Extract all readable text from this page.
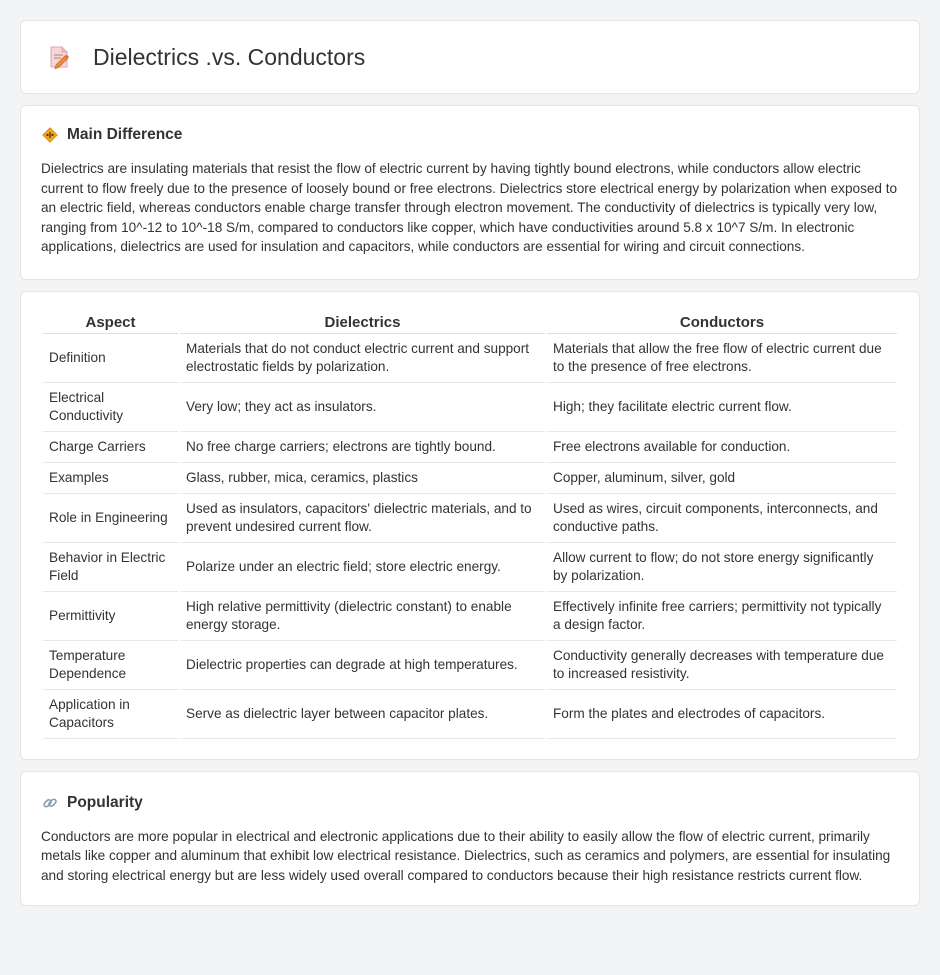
Dielectrics .vs. Conductors
Main Difference

Dielectrics are insulating materials that resist the flow of electric current by having tightly bound electrons, while conductors allow electric current to flow freely due to the presence of loosely bound or free electrons. Dielectrics store electrical energy by polarization when exposed to an electric field, whereas conductors enable charge transfer through electron movement. The conductivity of dielectrics is typically very low, ranging from 10^-12 to 10^-18 S/m, compared to conductors like copper, which have conductivities around 5.8 x 10^7 S/m. In electronic applications, dielectrics are used for insulation and capacitors, while conductors are essential for wiring and circuit connections.

Aspect	Dielectrics	Conductors
Definition	Materials that do not conduct electric current and support electrostatic fields by polarization.	Materials that allow the free flow of electric current due to the presence of free electrons.
Electrical Conductivity	Very low; they act as insulators.	High; they facilitate electric current flow.
Charge Carriers	No free charge carriers; electrons are tightly bound.	Free electrons available for conduction.
Examples	Glass, rubber, mica, ceramics, plastics	Copper, aluminum, silver, gold
Role in Engineering	Used as insulators, capacitors' dielectric materials, and to prevent undesired current flow.	Used as wires, circuit components, interconnects, and conductive paths.
Behavior in Electric Field	Polarize under an electric field; store electric energy.	Allow current to flow; do not store energy significantly by polarization.
Permittivity	High relative permittivity (dielectric constant) to enable energy storage.	Effectively infinite free carriers; permittivity not typically a design factor.
Temperature Dependence	Dielectric properties can degrade at high temperatures.	Conductivity generally decreases with temperature due to increased resistivity.
Application in Capacitors	Serve as dielectric layer between capacitor plates.	Form the plates and electrodes of capacitors.
Popularity

Conductors are more popular in electrical and electronic applications due to their ability to easily allow the flow of electric current, primarily metals like copper and aluminum that exhibit low electrical resistance. Dielectrics, such as ceramics and polymers, are essential for insulating and storing electrical energy but are less widely used overall compared to conductors because their high resistance restricts current flow.
